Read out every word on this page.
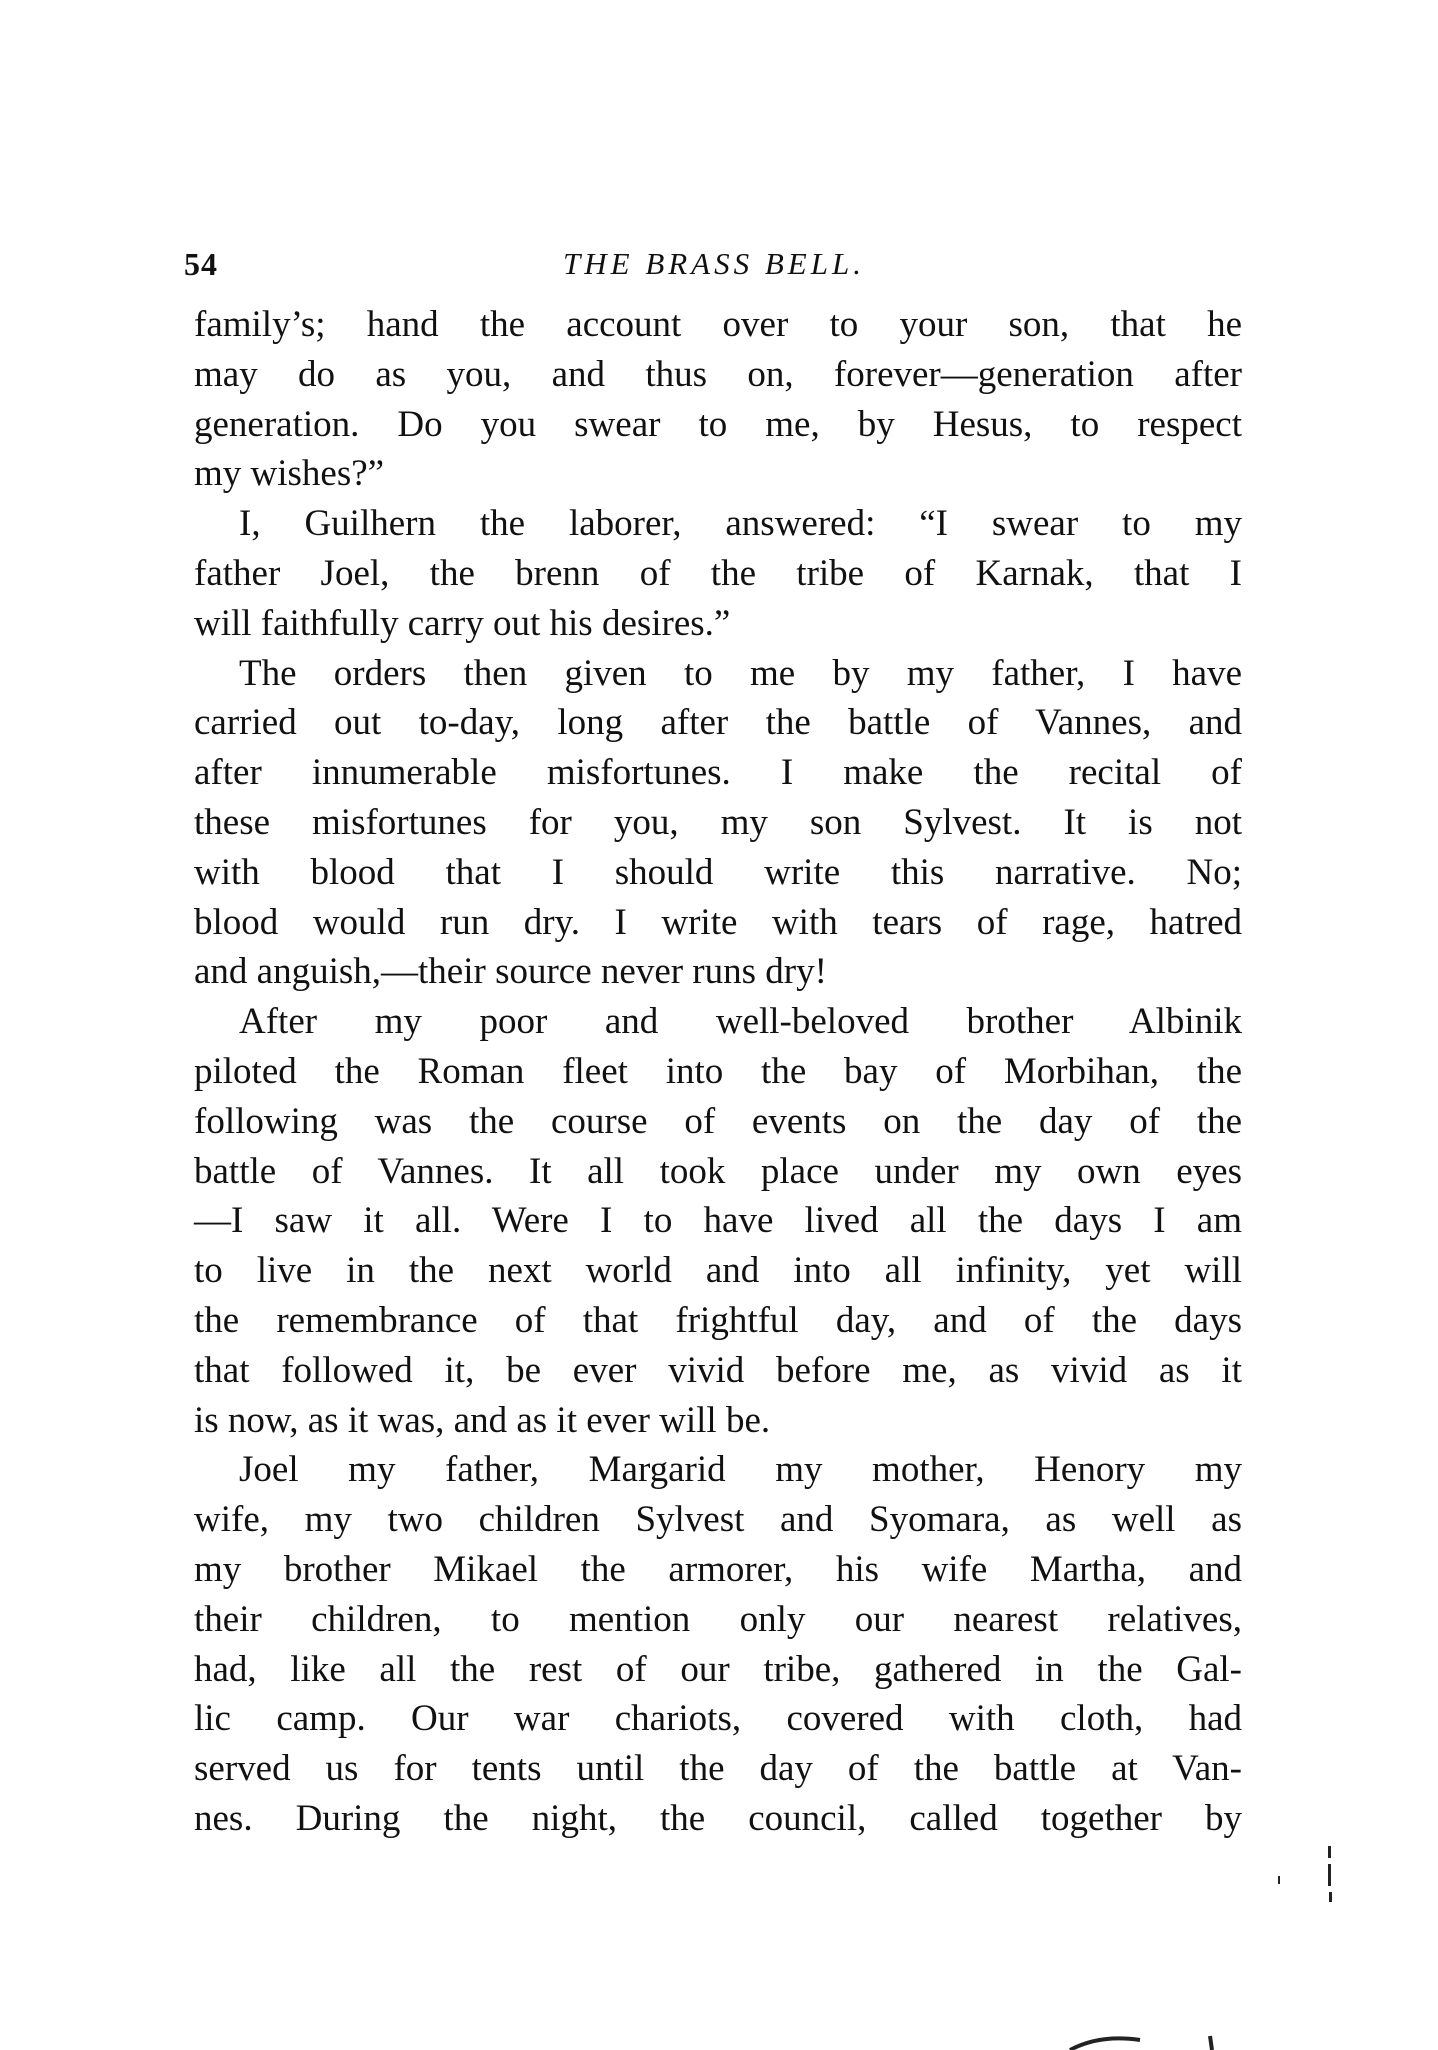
54	THE BRASS BELL.
family’s; hand the account over to your son, that he
may do as you, and thus on, forever—generation after
generation. Do you swear to me, by Hesus, to respect
my wishes?”
I, Guilhern the laborer, answered: “I swear to my
father Joel, the brenn of the tribe of Karnak, that I
will faithfully carry out his desires.”
The orders then given to me by my father, I have
carried out to-day, long after the battle of Vannes, and
after innumerable misfortunes. I make the recital of
these misfortunes for you, my son Sylvest. It is not
with blood that I should write this narrative. No;
blood would run dry. I write with tears of rage, hatred
and anguish,—their source never runs dry!
After my poor and well-beloved brother Albinik
piloted the Roman fleet into the bay of Morbihan, the
following was the course of events on the day of the
battle of Vannes. It all took place under my own eyes
—I saw it all. Were I to have lived all the days I am
to live in the next world and into all infinity, yet will
the remembrance of that frightful day, and of the days
that followed it, be ever vivid before me, as vivid as it
is now, as it was, and as it ever will be.
Joel my father, Margarid my mother, Henory my
wife, my two children Sylvest and Syomara, as well as
my brother Mikael the armorer, his wife Martha, and
their children, to mention only our nearest relatives,
had, like all the rest of our tribe, gathered in the Gal-
lic camp. Our war chariots, covered with cloth, had
served us for tents until the day of the battle at Van-
nes. During the night, the council, called together by
